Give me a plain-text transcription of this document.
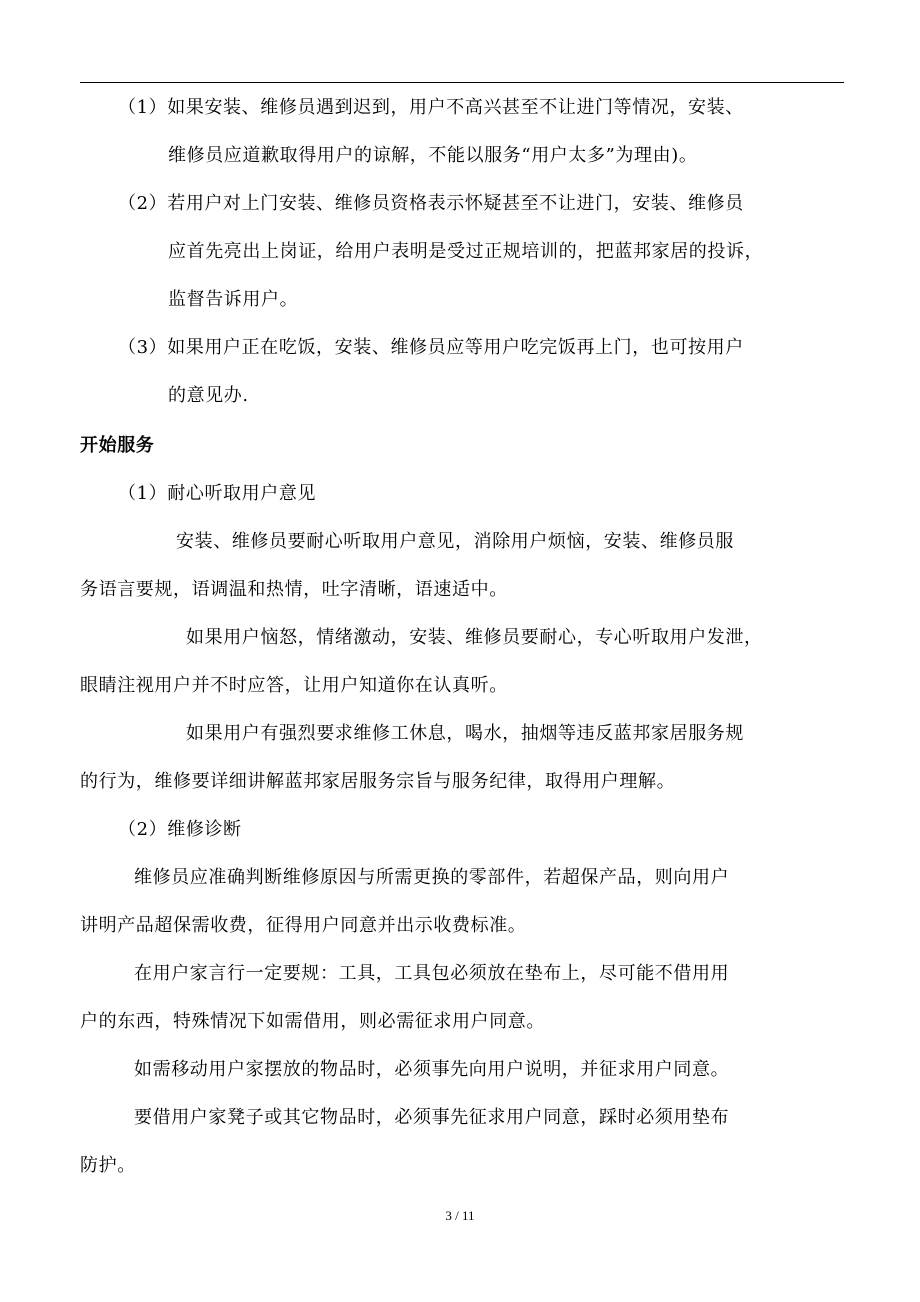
（1）如果安装、维修员遇到迟到，用户不高兴甚至不让进门等情况，安装、
维修员应道歉取得用户的谅解，不能以服务“用户太多”为理由)。
（2）若用户对上门安装、维修员资格表示怀疑甚至不让进门，安装、维修员
应首先亮出上岗证，给用户表明是受过正规培训的，把蓝邦家居的投诉，
监督告诉用户。
（3）如果用户正在吃饭，安装、维修员应等用户吃完饭再上门，也可按用户
的意见办.
开始服务
（1）耐心听取用户意见
安装、维修员要耐心听取用户意见，消除用户烦恼，安装、维修员服
务语言要规，语调温和热情，吐字清晰，语速适中。
如果用户恼怒，情绪激动，安装、维修员要耐心，专心听取用户发泄，
眼睛注视用户并不时应答，让用户知道你在认真听。
如果用户有强烈要求维修工休息，喝水，抽烟等违反蓝邦家居服务规
的行为，维修要详细讲解蓝邦家居服务宗旨与服务纪律，取得用户理解。
（2）维修诊断
维修员应准确判断维修原因与所需更换的零部件，若超保产品，则向用户
讲明产品超保需收费，征得用户同意并出示收费标准。
在用户家言行一定要规：工具，工具包必须放在垫布上，尽可能不借用用
户的东西，特殊情况下如需借用，则必需征求用户同意。
如需移动用户家摆放的物品时，必须事先向用户说明，并征求用户同意。
要借用户家凳子或其它物品时，必须事先征求用户同意，踩时必须用垫布
防护。
3 / 11
